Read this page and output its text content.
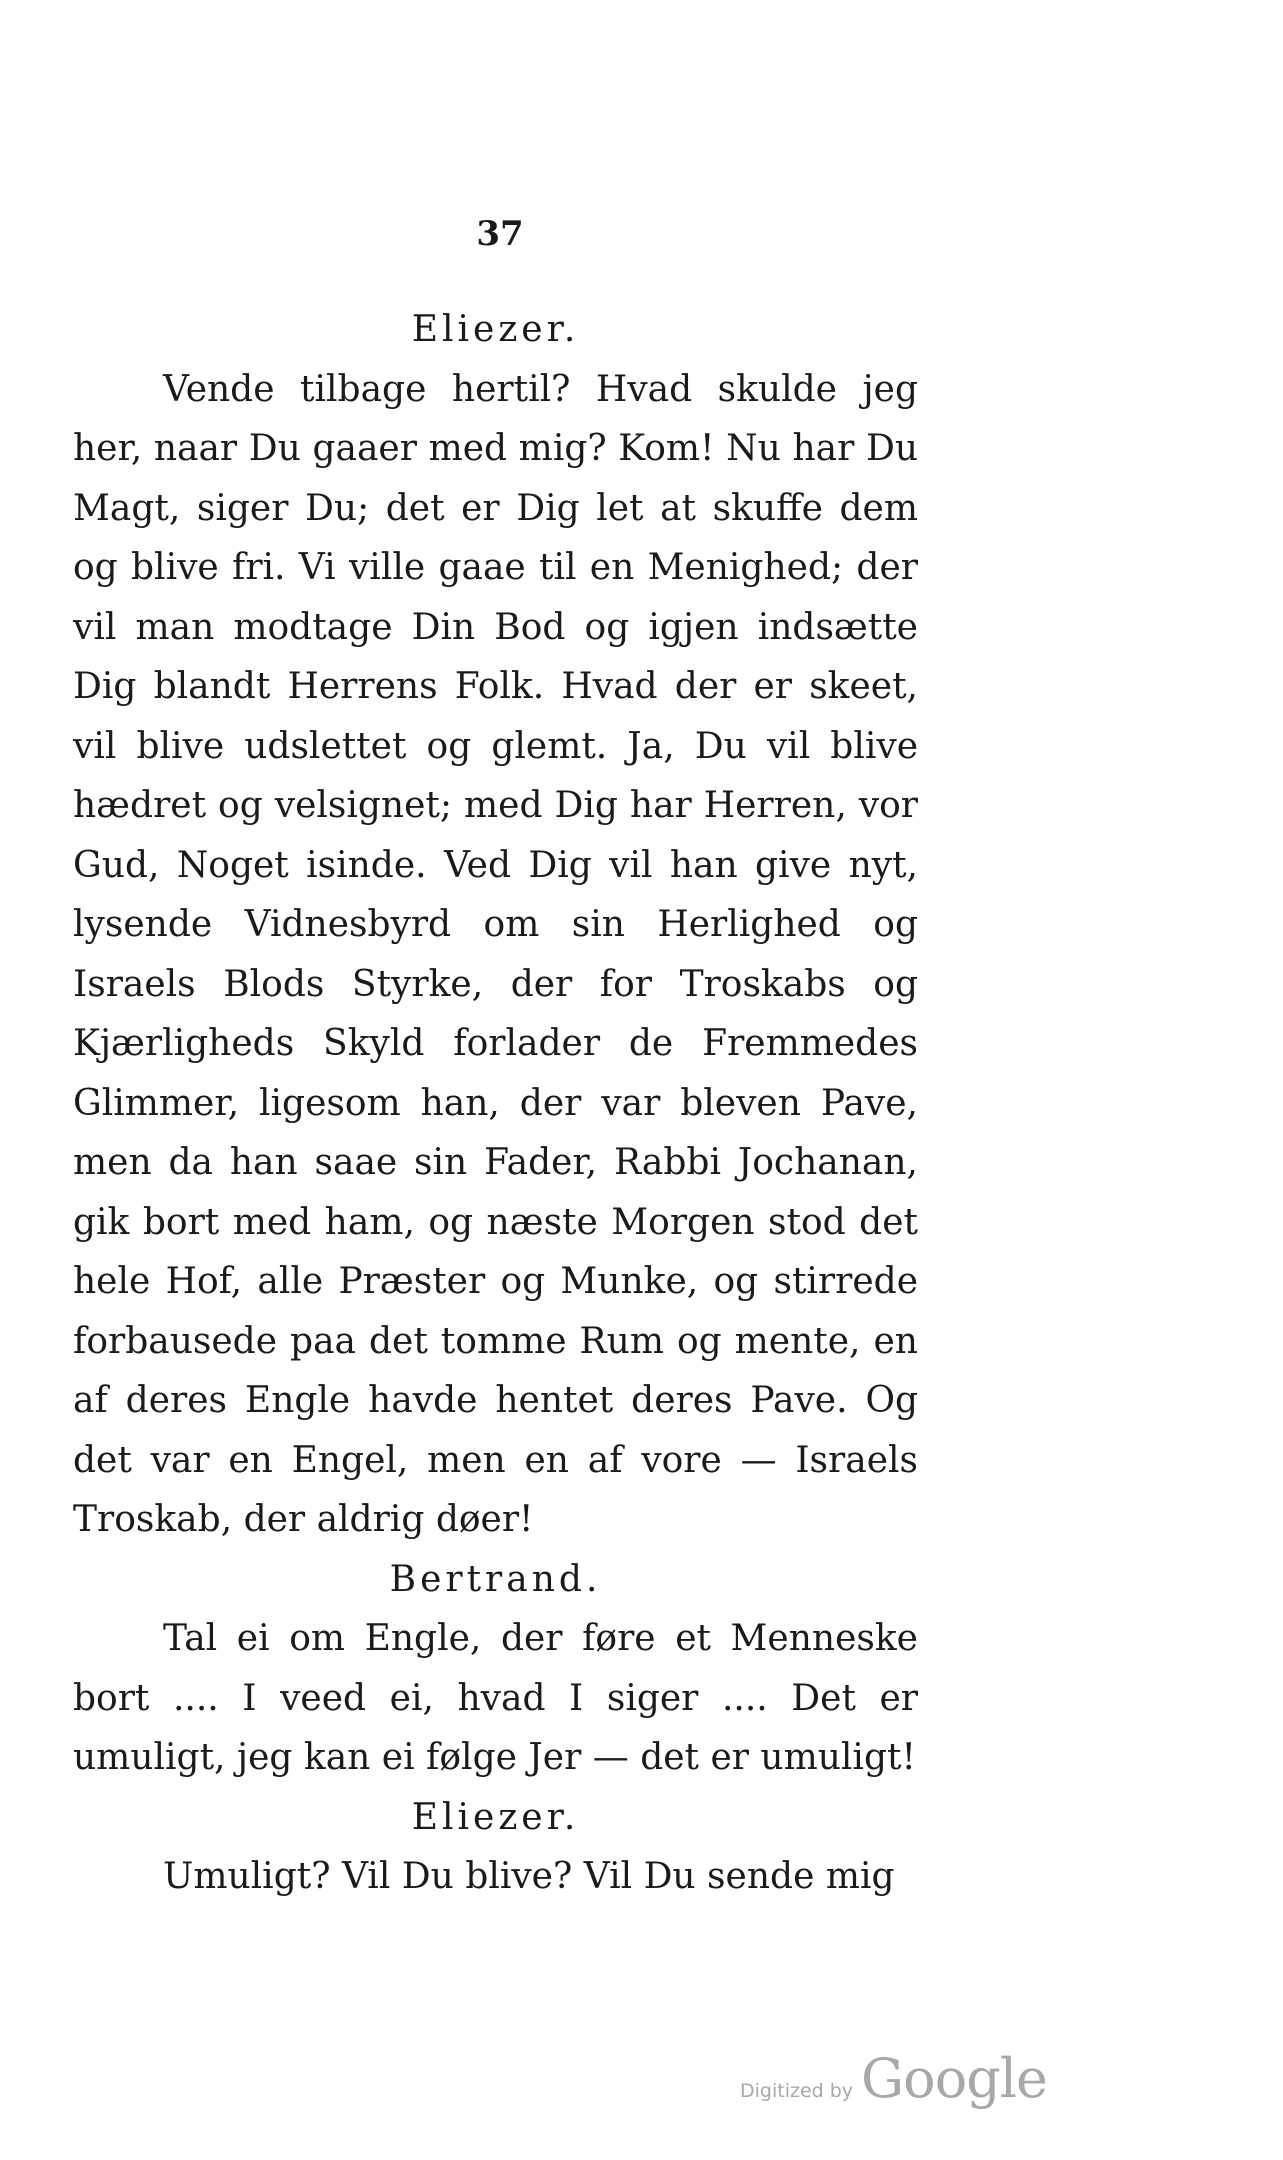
37

Eliezer.

Vende tilbage hertil? Hvad skulde jeg her, naar Du gaaer med mig? Kom! Nu har Du Magt, siger Du; det er Dig let at skuffe dem og blive fri. Vi ville gaae til en Menighed; der vil man modtage Din Bod og igjen indsætte Dig blandt Herrens Folk. Hvad der er skeet, vil blive udslettet og glemt. Ja, Du vil blive hædret og velsignet; med Dig har Herren, vor Gud, Noget isinde. Ved Dig vil han give nyt, lysende Vidnesbyrd om sin Herlighed og Israels Blods Styrke, der for Troskabs og Kjærligheds Skyld forlader de Fremmedes Glimmer, ligesom han, der var bleven Pave, men da han saae sin Fader, Rabbi Jochanan, gik bort med ham, og næste Morgen stod det hele Hof, alle Præster og Munke, og stirrede forbausede paa det tomme Rum og mente, en af deres Engle havde hentet deres Pave. Og det var en Engel, men en af vore — Israels Troskab, der aldrig døer!

Bertrand.

Tal ei om Engle, der føre et Menneske bort .... I veed ei, hvad I siger .... Det er umuligt, jeg kan ei følge Jer — det er umuligt!

Eliezer.

Umuligt? Vil Du blive? Vil Du sende mig

Digitized by Google
